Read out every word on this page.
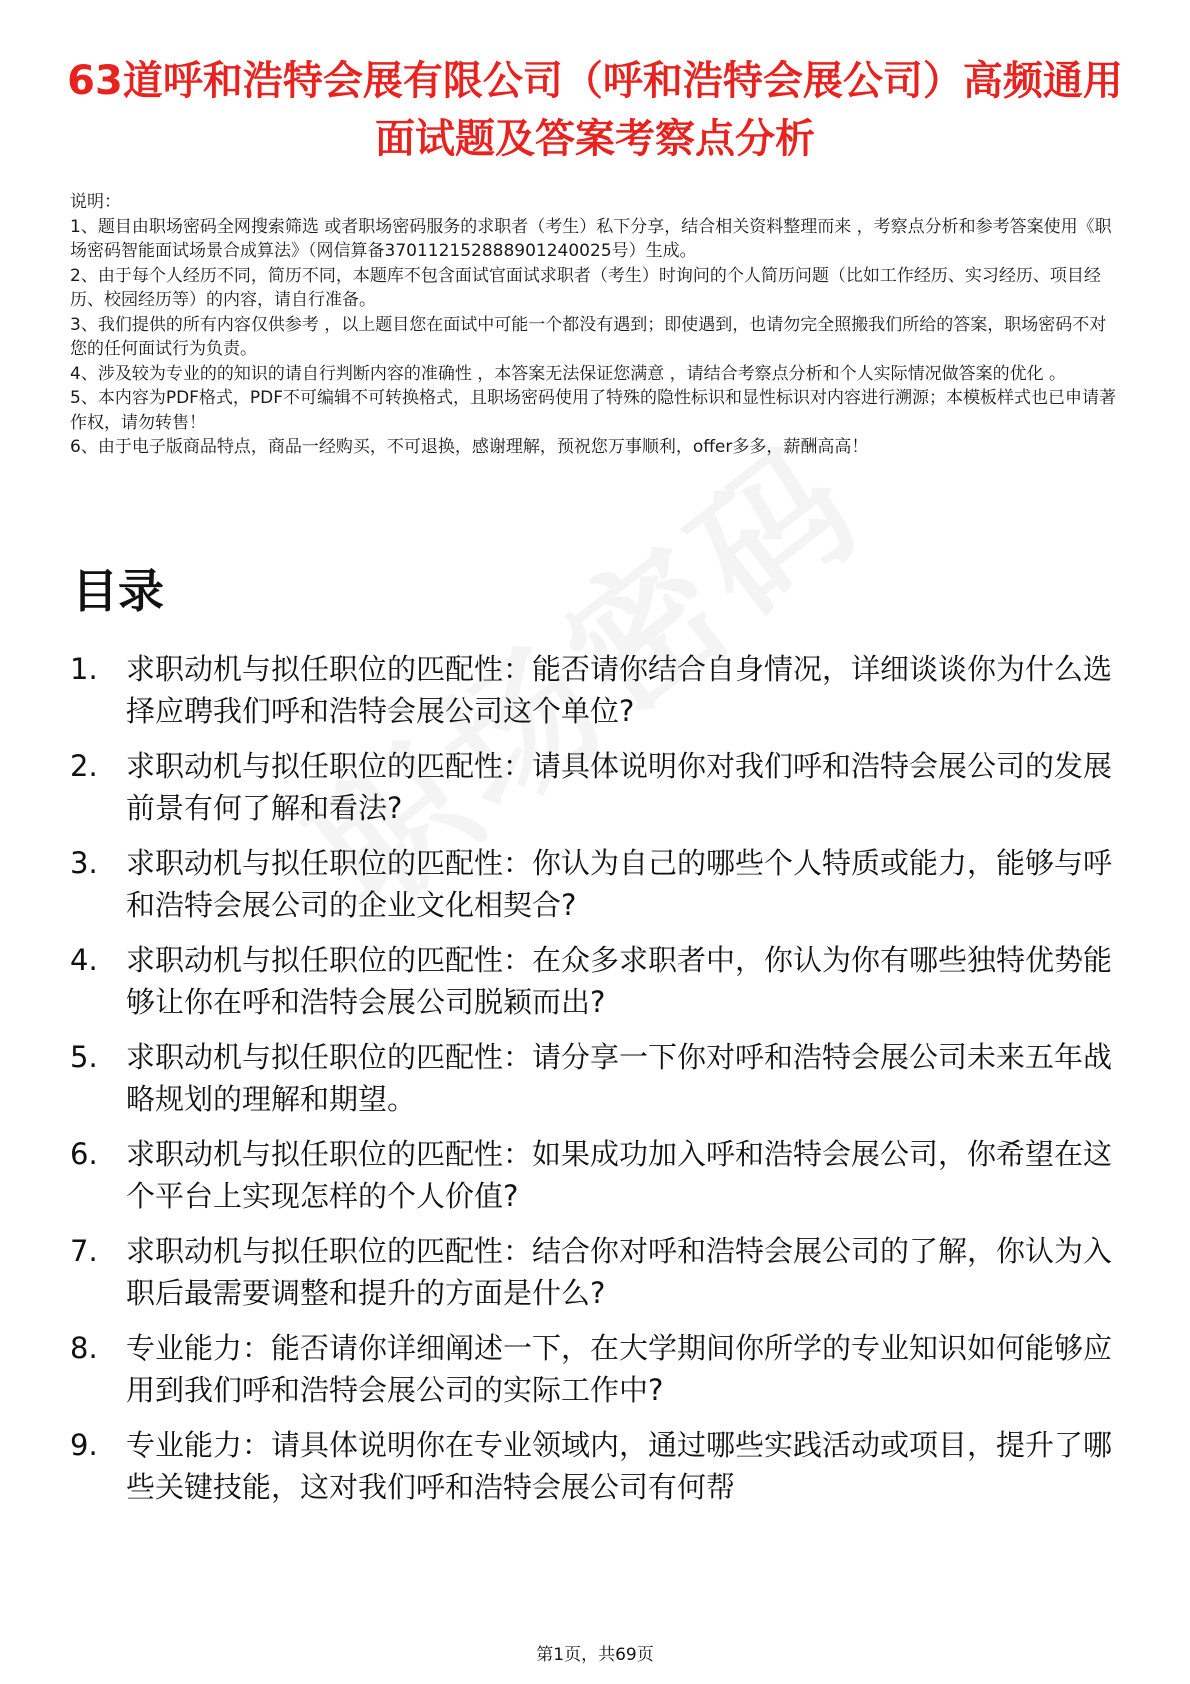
63道呼和浩特会展有限公司（呼和浩特会展公司）高频通用面试题及答案考察点分析

说明：

1、题目由职场密码全网搜索筛选 或者职场密码服务的求职者（考生）私下分享，结合相关资料整理而来 ，考察点分析和参考答案使用《职场密码智能面试场景合成算法》（网信算备370112152888901240025号）生成。

2、由于每个人经历不同，简历不同，本题库不包含面试官面试求职者（考生）时询问的个人简历问题（比如工作经历、实习经历、项目经历、校园经历等）的内容，请自行准备。

3、我们提供的所有内容仅供参考 ，以上题目您在面试中可能一个都没有遇到；即使遇到，也请勿完全照搬我们所给的答案，职场密码不对您的任何面试行为负责。

4、涉及较为专业的的知识的请自行判断内容的准确性 ，本答案无法保证您满意 ，请结合考察点分析和个人实际情况做答案的优化 。

5、本内容为PDF格式，PDF不可编辑不可转换格式，且职场密码使用了特殊的隐性标识和显性标识对内容进行溯源；本模板样式也已申请著作权，请勿转售！

6、由于电子版商品特点，商品一经购买，不可退换，感谢理解，预祝您万事顺利，offer多多，薪酬高高！

目录
1. 求职动机与拟任职位的匹配性：能否请你结合自身情况，详细谈谈你为什么选择应聘我们呼和浩特会展公司这个单位?
2. 求职动机与拟任职位的匹配性：请具体说明你对我们呼和浩特会展公司的发展前景有何了解和看法?
3. 求职动机与拟任职位的匹配性：你认为自己的哪些个人特质或能力，能够与呼和浩特会展公司的企业文化相契合?
4. 求职动机与拟任职位的匹配性：在众多求职者中，你认为你有哪些独特优势能够让你在呼和浩特会展公司脱颖而出?
5. 求职动机与拟任职位的匹配性：请分享一下你对呼和浩特会展公司未来五年战略规划的理解和期望。
6. 求职动机与拟任职位的匹配性：如果成功加入呼和浩特会展公司，你希望在这个平台上实现怎样的个人价值?
7. 求职动机与拟任职位的匹配性：结合你对呼和浩特会展公司的了解，你认为入职后最需要调整和提升的方面是什么?
8. 专业能力：能否请你详细阐述一下，在大学期间你所学的专业知识如何能够应用到我们呼和浩特会展公司的实际工作中?
9. 专业能力：请具体说明你在专业领域内，通过哪些实践活动或项目，提升了哪些关键技能，这对我们呼和浩特会展公司有何帮
第1页，共69页
